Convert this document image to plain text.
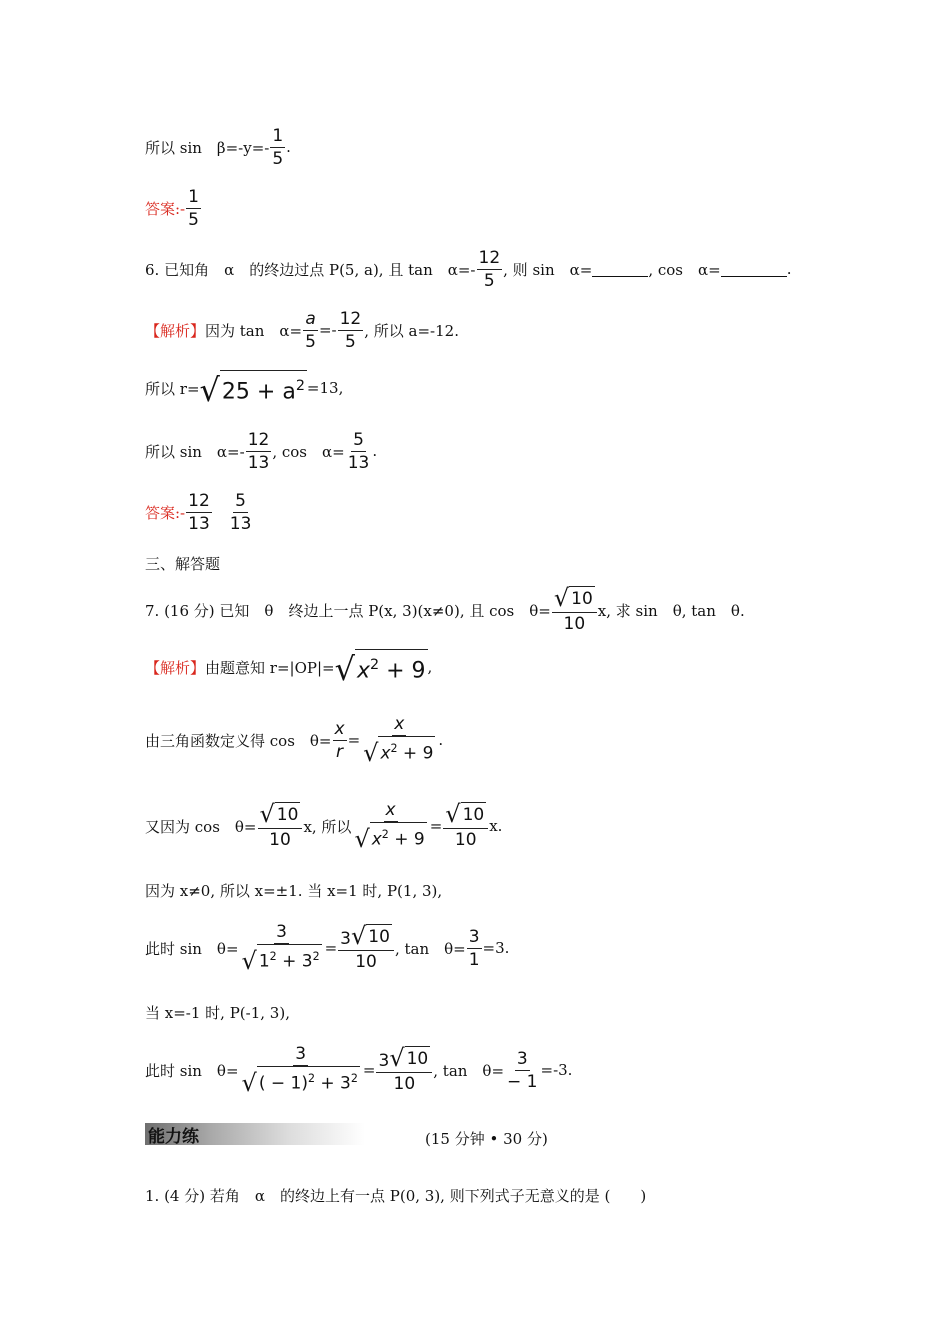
所以 sin　$\beta=-y=- \frac{1}{5}$ .
答案:- $\frac{1}{5}$
6. 已知角　α　的终边过点 P(5, a), 且 tan　$\alpha=- \frac{12}{5}$ , 则 sin　α=	, cos　α=	.
【解析】 因为 tan　$\alpha= \frac{a}{5} =- \frac{12}{5}$ , 所以 a=-12.
所以 r= √ $25 + a^2 =13$,
所以 sin　$\alpha=- \frac{12}{13}$ , cos　$\alpha= \frac{5}{13}$ .
答案:- $\frac{12}{13} \frac{5}{13}$
三、解答题
7. (16 分) 已知　θ　终边上一点 P(x, 3)(x≠0), 且 cos　$\theta= \frac{√ 10}{10} x$, 求 sin　θ, tan　θ.
【解析】 由题意知 r=|OP|= √ $x^2 + 9$ ,
由三角函数定义得 cos　$\theta= \frac{x}{r} = \frac{x}{√ x^2 + 9}$ .
又因为 cos　$\theta= \frac{√ 10}{10} x$, 所以 $\frac{x}{√ x^2 + 9} = \frac{√ 10}{10} x$.
因为 x≠0, 所以 x=±1. 当 x=1 时, P(1, 3),
此时 sin　$\theta= \frac{3}{√ 1^2 + 3^2} = \frac{3 √ 10}{10}$ , tan　$\theta= \frac{3}{1} =3$.
当 x=-1 时, P(-1, 3),
此时 sin　$\theta= \frac{3}{√ ( - 1)^2 + 3^2} = \frac{3 √ 10}{10}$ , tan　$\theta= \frac{3}{- 1} =-3$.
能力练	(15 分钟 • 30 分)
1. (4 分) 若角　α　的终边上有一点 P(0, 3), 则下列式子无意义的是 (　　)
